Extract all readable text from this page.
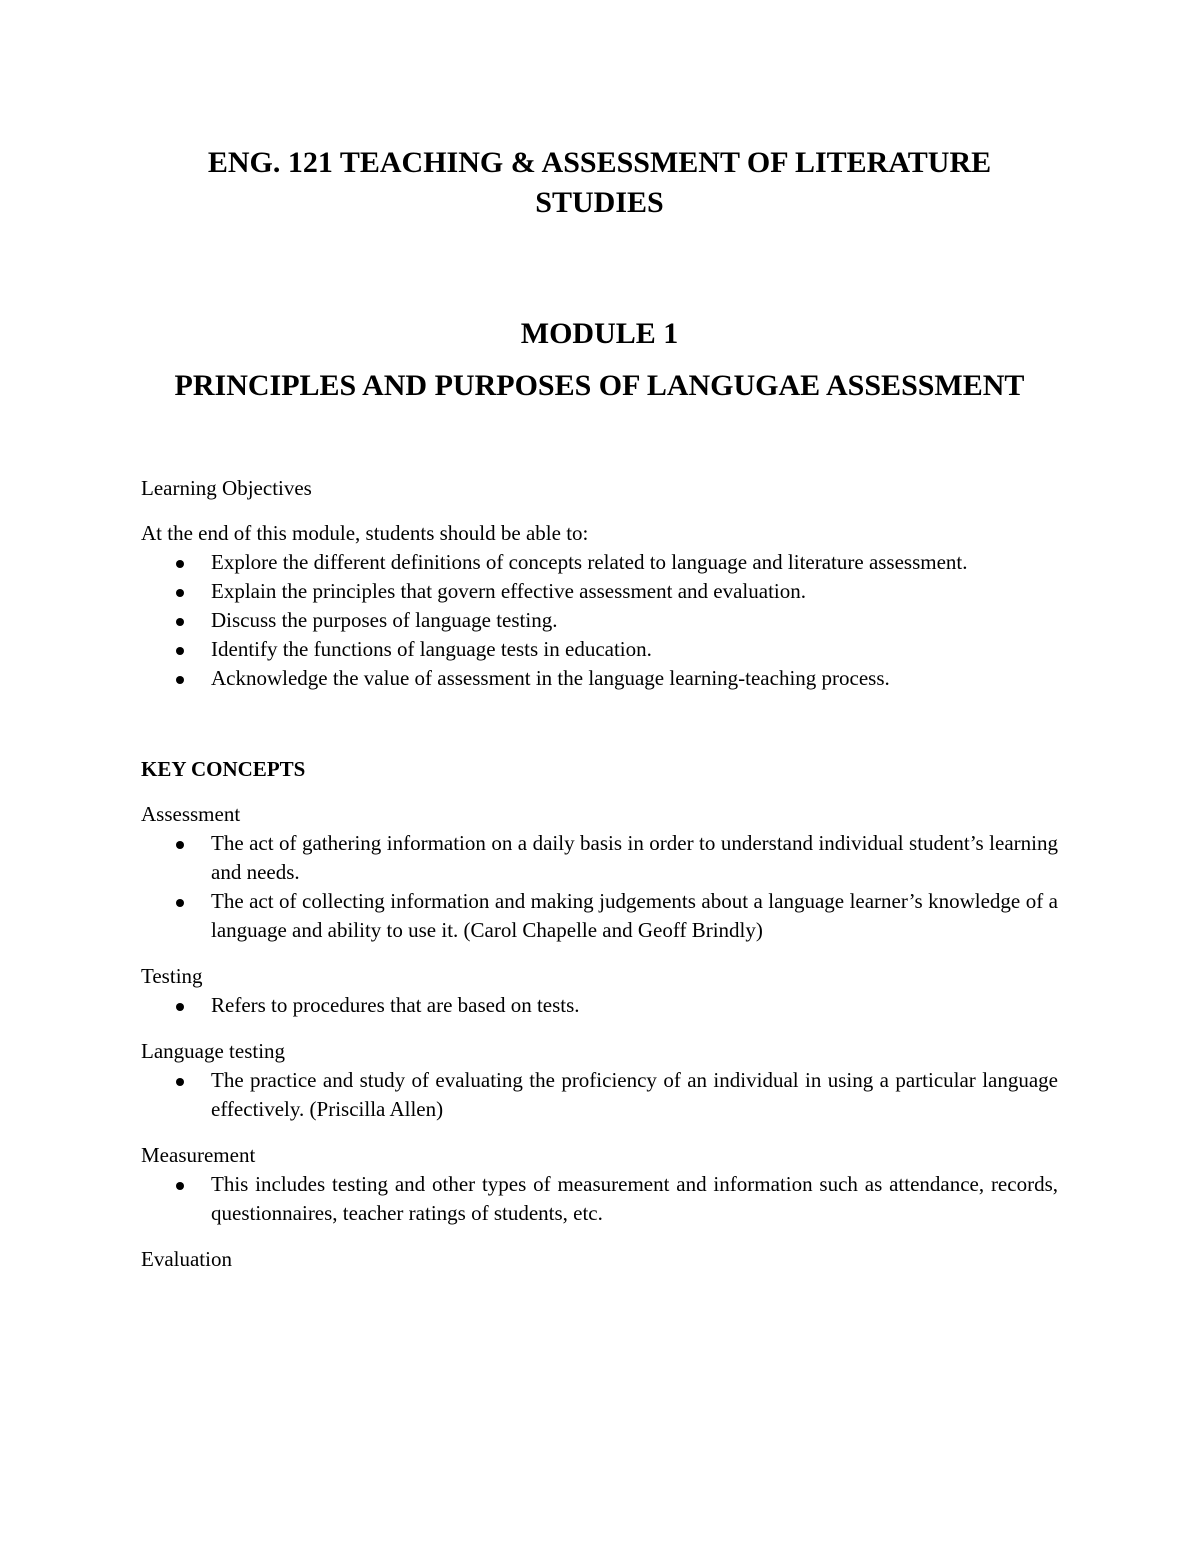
ENG. 121 TEACHING & ASSESSMENT OF LITERATURE
STUDIES
MODULE 1
PRINCIPLES AND PURPOSES OF LANGUGAE ASSESSMENT

Learning Objectives

At the end of this module, students should be able to:

Explore the different definitions of concepts related to language and literature assessment.
Explain the principles that govern effective assessment and evaluation.
Discuss the purposes of language testing.
Identify the functions of language tests in education.
Acknowledge the value of assessment in the language learning-teaching process.

KEY CONCEPTS

Assessment

The act of gathering information on a daily basis in order to understand individual student’s learning and needs.
The act of collecting information and making judgements about a language learner’s knowledge of a language and ability to use it. (Carol Chapelle and Geoff Brindly)

Testing

Refers to procedures that are based on tests.

Language testing

The practice and study of evaluating the proficiency of an individual in using a particular language effectively. (Priscilla Allen)

Measurement

This includes testing and other types of measurement and information such as attendance, records, questionnaires, teacher ratings of students, etc.

Evaluation
